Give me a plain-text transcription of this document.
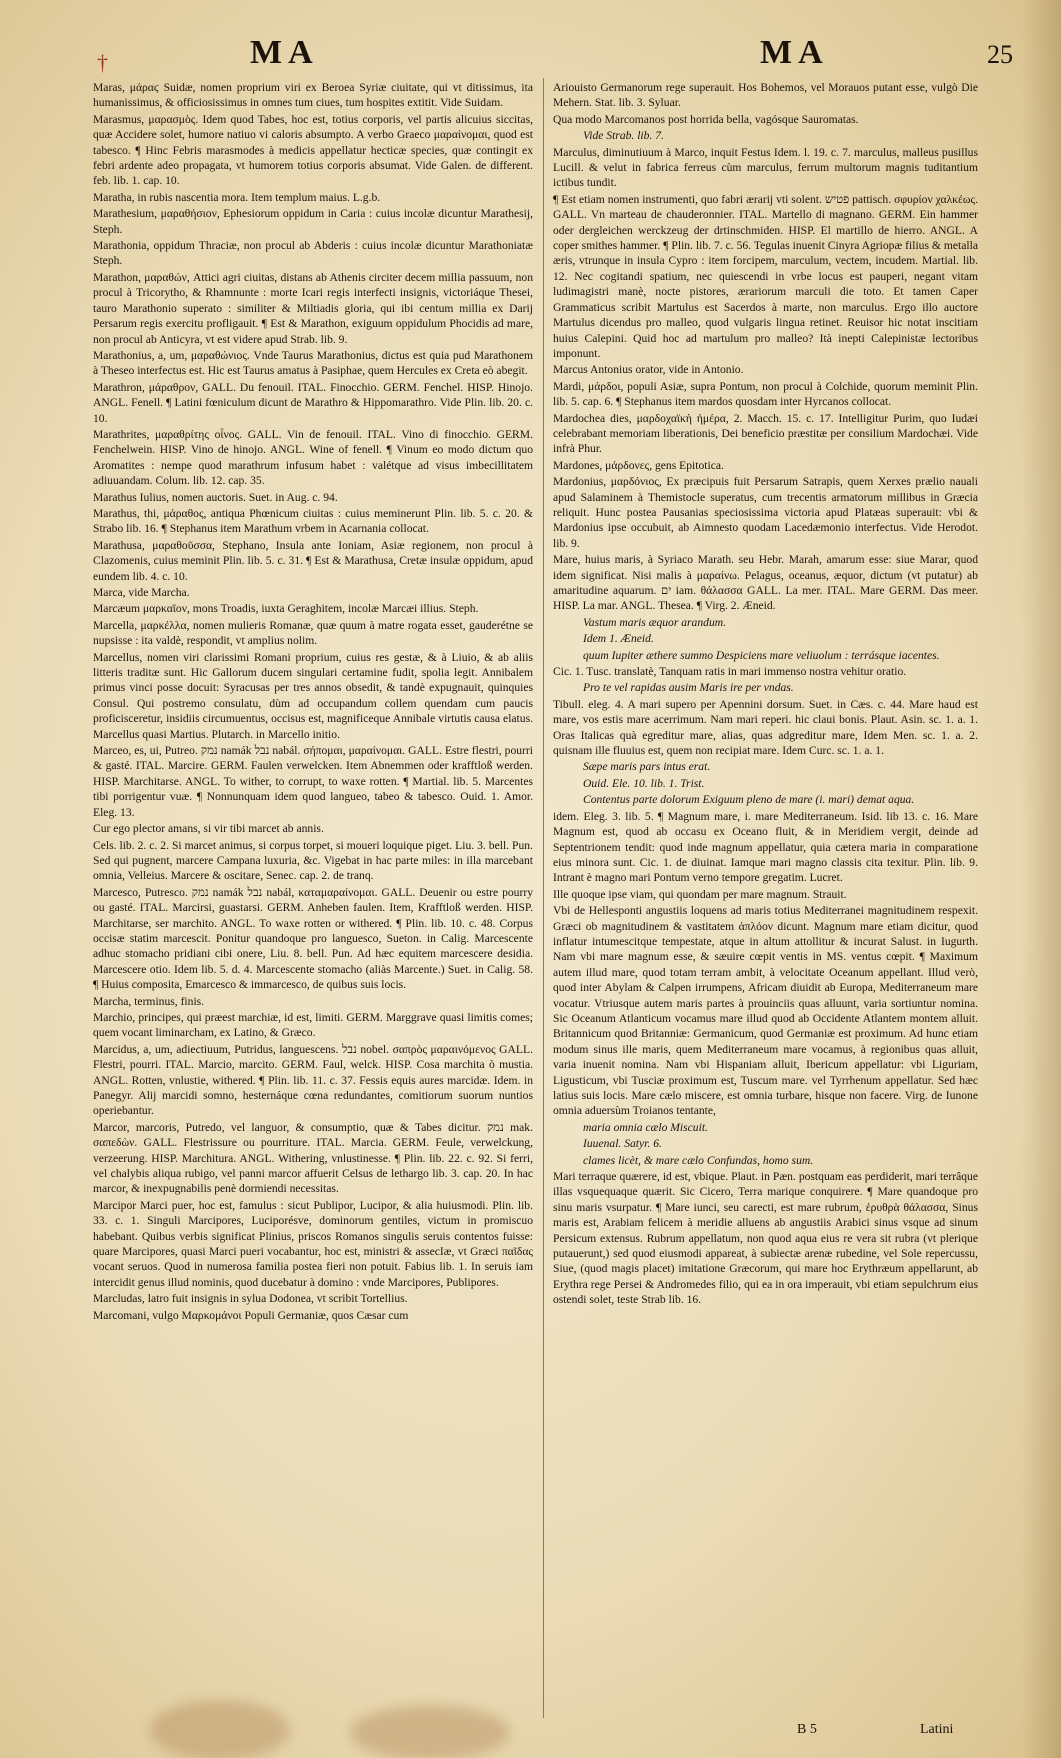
†	MA	MA	25

Maras, μάραϛ Suidæ, nomen proprium viri ex Beroea Syriæ ciuitate, qui vt ditissimus, ita humanissimus, & officiosissimus in omnes tum ciues, tum hospites extitit. Vide Suidam.

Marasmus, μαρασμὸς. Idem quod Tabes, hoc est, totius corporis, vel partis alicuius siccitas, quæ Accidere solet, humore natiuo vi caloris absumpto. A verbo Graeco μαραίνομαι, quod est tabesco. ¶ Hinc Febris marasmodes à medicis appellatur hecticæ species, quæ contingit ex febri ardente adeo propagata, vt humorem totius corporis absumat. Vide Galen. de different. feb. lib. 1. cap. 10.

Maratha, in rubis nascentia mora. Item templum maius. L.g.b.

Marathesium, μαραθήσιον, Ephesiorum oppidum in Caria : cuius incolæ dicuntur Marathesij, Steph.

Marathonia, oppidum Thraciæ, non procul ab Abderis : cuius incolæ dicuntur Marathoniatæ Steph.

Marathon, μαραθών, Attici agri ciuitas, distans ab Athenis circiter decem millia passuum, non procul à Tricorytho, & Rhamnunte : morte Icari regis interfecti insignis, victoriáque Thesei, tauro Marathonio superato : similiter & Miltiadis gloria, qui ibi centum millia ex Darij Persarum regis exercitu profligauit. ¶ Est & Marathon, exiguum oppidulum Phocidis ad mare, non procul ab Anticyra, vt est videre apud Strab. lib. 9.

Marathonius, a, um, μαραθώνιος. Vnde Taurus Marathonius, dictus est quia pud Marathonem à Theseo interfectus est. Hic est Taurus amatus à Pasiphae, quem Hercules ex Creta eò abegit.

Marathron, μάραθρον, GALL. Du fenouil. ITAL. Finocchio. GERM. Fenchel. HISP. Hinojo. ANGL. Fenell. ¶ Latini fœniculum dicunt de Marathro & Hippomarathro. Vide Plin. lib. 20. c. 10.

Marathrites, μαραθρίτης οἶνος. GALL. Vin de fenouil. ITAL. Vino di finocchio. GERM. Fenchelwein. HISP. Vino de hinojo. ANGL. Wine of fenell. ¶ Vinum eo modo dictum quo Aromatites : nempe quod marathrum infusum habet : valétque ad visus imbecillitatem adiuuandam. Colum. lib. 12. cap. 35.

Marathus Iulius, nomen auctoris. Suet. in Aug. c. 94.

Marathus, thi, μάραθος, antiqua Phœnicum ciuitas : cuius meminerunt Plin. lib. 5. c. 20. & Strabo lib. 16. ¶ Stephanus item Marathum vrbem in Acarnania collocat.

Marathusa, μαραθοῦσσα, Stephano, Insula ante Ioniam, Asiæ regionem, non procul à Clazomenis, cuius meminit Plin. lib. 5. c. 31. ¶ Est & Marathusa, Cretæ insulæ oppidum, apud eundem lib. 4. c. 10.

Marca, vide Marcha.

Marcæum μαρκαῖον, mons Troadis, iuxta Geraghitem, incolæ Marcæi illius. Steph.

Marcella, μαρκέλλα, nomen mulieris Romanæ, quæ quum à matre rogata esset, gauderétne se nupsisse : ita valdè, respondit, vt amplius nolim.

Marcellus, nomen viri clarissimi Romani proprium, cuius res gestæ, & à Liuio, & ab aliis litteris traditæ sunt. Hic Gallorum ducem singulari certamine fudit, spolia legit. Annibalem primus vinci posse docuit: Syracusas per tres annos obsedit, & tandè expugnauit, quinquies Consul. Qui postremo consulatu, dùm ad occupandum collem quendam cum paucis proficisceretur, insidiis circumuentus, occisus est, magnificeque Annibale virtutis causa elatus. Marcellus quasi Martius. Plutarch. in Marcello initio.

Marceo, es, ui, Putreo. נמק namák נבל nabál. σήπομαι, μαραίνομαι. GALL. Estre flestri, pourri & gasté. ITAL. Marcire. GERM. Faulen verwelcken. Item Abnemmen oder krafftloß werden. HISP. Marchitarse. ANGL. To wither, to corrupt, to waxe rotten. ¶ Martial. lib. 5. Marcentes tibi porrigentur vuæ. ¶ Nonnunquam idem quod langueo, tabeo & tabesco. Ouid. 1. Amor. Eleg. 13.

Cur ego plector amans, si vir tibi marcet ab annis.

Cels. lib. 2. c. 2. Si marcet animus, si corpus torpet, si moueri loquique piget. Liu. 3. bell. Pun. Sed qui pugnent, marcere Campana luxuria, &c. Vigebat in hac parte miles: in illa marcebant omnia, Velleius. Marcere & oscitare, Senec. cap. 2. de tranq.

Marcesco, Putresco. נמק namák נבל nabál, καταμαραίνομαι. GALL. Deuenir ou estre pourry ou gasté. ITAL. Marcirsi, guastarsi. GERM. Anheben faulen. Item, Krafftloß werden. HISP. Marchitarse, ser marchito. ANGL. To waxe rotten or withered. ¶ Plin. lib. 10. c. 48. Corpus occisæ statim marcescit. Ponitur quandoque pro languesco, Sueton. in Calig. Marcescente adhuc stomacho pridiani cibi onere, Liu. 8. bell. Pun. Ad hæc equitem marcescere desidia. Marcescere otio. Idem lib. 5. d. 4. Marcescente stomacho (aliàs Marcente.) Suet. in Calig. 58. ¶ Huius composita, Emarcesco & immarcesco, de quibus suis locis.

Marcha, terminus, finis.

Marchio, principes, qui præest marchiæ, id est, limiti. GERM. Marggrave quasi limitis comes; quem vocant liminarcham, ex Latino, & Græco.

Marcidus, a, um, adiectiuum, Putridus, languescens. נבל nobel. σαπρὸς μαραινόμενος GALL. Flestri, pourri. ITAL. Marcio, marcito. GERM. Faul, welck. HISP. Cosa marchita ò mustia. ANGL. Rotten, vnlustie, withered. ¶ Plin. lib. 11. c. 37. Fessis equis aures marcidæ. Idem. in Panegyr. Alij marcidi somno, hesternáque cœna redundantes, comitiorum suorum nuntios operiebantur.

Marcor, marcoris, Putredo, vel languor, & consumptio, quæ & Tabes dicitur. נמק mak. σαπεδὼν. GALL. Flestrissure ou pourriture. ITAL. Marcia. GERM. Feule, verwelckung, verzeerung. HISP. Marchitura. ANGL. Withering, vnlustinesse. ¶ Plin. lib. 22. c. 92. Si ferri, vel chalybis aliqua rubigo, vel panni marcor affuerit Celsus de lethargo lib. 3. cap. 20. In hac marcor, & inexpugnabilis penè dormiendi necessitas.

Marcipor Marci puer, hoc est, famulus : sicut Publipor, Lucipor, & alia huiusmodi. Plin. lib. 33. c. 1. Singuli Marcipores, Luciporésve, dominorum gentiles, victum in promiscuo habebant. Quibus verbis significat Plinius, priscos Romanos singulis seruis contentos fuisse: quare Marcipores, quasi Marci pueri vocabantur, hoc est, ministri & assecIæ, vt Græci παῖδας vocant seruos. Quod in numerosa familia postea fieri non potuit. Fabius lib. 1. In seruis iam intercidit genus illud nominis, quod ducebatur à domino : vnde Marcipores, Publipores.

Marcludas, latro fuit insignis in sylua Dodonea, vt scribit Tortellius.

Marcomani, vulgo Μαρκομάνοι Populi Germaniæ, quos Cæsar cum

Ariouisto Germanorum rege superauit. Hos Bohemos, vel Morauos putant esse, vulgò Die Mehern. Stat. lib. 3. Syluar.

Qua modo Marcomanos post horrida bella, vagósque Sauromatas.

Vide Strab. lib. 7.

Marculus, diminutiuum à Marco, inquit Festus Idem. l. 19. c. 7. marculus, malleus pusillus Lucill. & velut in fabrica ferreus cùm marculus, ferrum multorum magnis tuditantium ictibus tundit.

¶ Est etiam nomen instrumenti, quo fabri ærarij vti solent. פטיש pattisch. σφυρίον χαλκέως. GALL. Vn marteau de chauderonnier. ITAL. Martello di magnano. GERM. Ein hammer oder dergleichen werckzeug der drtinschmiden. HISP. El martillo de hierro. ANGL. A coper smithes hammer. ¶ Plin. lib. 7. c. 56. Tegulas inuenit Cinyra Agriopæ filius & metalla æris, vtrunque in insula Cypro : item forcipem, marculum, vectem, incudem. Martial. lib. 12. Nec cogitandi spatium, nec quiescendi in vrbe locus est pauperi, negant vitam ludimagistri manè, nocte pistores, ærariorum marculi die toto. Et tamen Caper Grammaticus scribit Martulus est Sacerdos à marte, non marculus. Ergo illo auctore Martulus dicendus pro malleo, quod vulgaris lingua retinet. Reuisor hic notat inscitiam huius Calepini. Quid hoc ad martulum pro malleo? Ità inepti Calepinistæ lectoribus imponunt.

Marcus Antonius orator, vide in Antonio.

Mardi, μάρδοι, populi Asiæ, supra Pontum, non procul à Colchide, quorum meminit Plin. lib. 5. cap. 6. ¶ Stephanus item mardos quosdam inter Hyrcanos collocat.

Mardochea dies, μαρδοχαϊκὴ ἡμέρα, 2. Macch. 15. c. 17. Intelligitur Purim, quo Iudæi celebrabant memoriam liberationis, Dei beneficio præstitæ per consilium Mardochæi. Vide infrà Phur.

Mardones, μάρδονες, gens Epitotica.

Mardonius, μαρδόνιος, Ex præcipuis fuit Persarum Satrapis, quem Xerxes prælio nauali apud Salaminem à Themistocle superatus, cum trecentis armatorum millibus in Græcia reliquit. Hunc postea Pausanias speciosissima victoria apud Platæas superauit: vbi & Mardonius ipse occubuit, ab Aimnesto quodam Lacedæmonio interfectus. Vide Herodot. lib. 9.

Mare, huius maris, à Syriaco Marath. seu Hebr. Marah, amarum esse: siue Marar, quod idem significat. Nisi malis à μαραίνω. Pelagus, oceanus, æquor, dictum (vt putatur) ab amaritudine aquarum. ים iam. θάλασσα GALL. La mer. ITAL. Mare GERM. Das meer. HISP. La mar. ANGL. Thesea. ¶ Virg. 2. Æneid.

Vastum maris æquor arandum.

Idem 1. Æneid.

quum Iupiter æthere summo Despiciens mare veliuolum : terrásque iacentes.

Cic. 1. Tusc. translatè, Tanquam ratis in mari immenso nostra vehitur oratio.

Pro te vel rapidas ausim Maris ire per vndas.

Tibull. eleg. 4. A mari supero per Apennini dorsum. Suet. in Cæs. c. 44. Mare haud est mare, vos estis mare acerrimum. Nam mari reperi. hic claui bonis. Plaut. Asin. sc. 1. a. 1. Oras Italicas quà egreditur mare, alias, quas adgreditur mare, Idem Men. sc. 1. a. 2. quisnam ille fluuius est, quem non recipiat mare. Idem Curc. sc. 1. a. 1.

Sæpe maris pars intus erat.

Ouid. Ele. 10. lib. 1. Trist.

Contentus parte dolorum Exiguum pleno de mare (i. mari) demat aqua.

idem. Eleg. 3. lib. 5. ¶ Magnum mare, i. mare Mediterraneum. Isid. lib 13. c. 16. Mare Magnum est, quod ab occasu ex Oceano fluit, & in Meridiem vergit, deinde ad Septentrionem tendit: quod inde magnum appellatur, quia cætera maria in comparatione eius minora sunt. Cic. 1. de diuinat. Iamque mari magno classis cita texitur. Plin. lib. 9. Intrant è magno mari Pontum verno tempore gregatim. Lucret.

Ille quoque ipse viam, qui quondam per mare magnum. Strauit.

Vbi de Hellesponti angustiis loquens ad maris totius Mediterranei magnitudinem respexit. Græci ob magnitudinem & vastitatem ἀπλόον dicunt. Magnum mare etiam dicitur, quod inflatur intumescitque tempestate, atque in altum attollitur & incurat Salust. in Iugurth. Nam vbi mare magnum esse, & sæuire cœpit ventis in MS. ventus cœpit. ¶ Maximum autem illud mare, quod totam terram ambit, à velocitate Oceanum appellant. Illud verò, quod inter Abylam & Calpen irrumpens, Africam diuidit ab Europa, Mediterraneum mare vocatur. Vtriusque autem maris partes à prouinciis quas alluunt, varia sortiuntur nomina. Sic Oceanum Atlanticum vocamus mare illud quod ab Occidente Atlantem montem alluit. Britannicum quod Britanniæ: Germanicum, quod Germaniæ est proximum. Ad hunc etiam modum sinus ille maris, quem Mediterraneum mare vocamus, à regionibus quas alluit, varia inuenit nomina. Nam vbi Hispaniam alluit, Ibericum appellatur: vbi Liguriam, Ligusticum, vbi Tusciæ proximum est, Tuscum mare. vel Tyrrhenum appellatur. Sed hæc latius suis locis. Mare cælo miscere, est omnia turbare, hisque non facere. Virg. de Iunone omnia aduersùm Troianos tentante,

maria omnia cælo Miscuit.

Iuuenal. Satyr. 6.

clames licèt, & mare cælo Confundas, homo sum.

Mari terraque quærere, id est, vbique. Plaut. in Pæn. postquam eas perdiderit, mari terrâque illas vsquequaque quærit. Sic Cicero, Terra marique conquirere. ¶ Mare quandoque pro sinu maris vsurpatur. ¶ Mare iunci, seu carecti, est mare rubrum, ἐρυθρὰ θάλασσα, Sinus maris est, Arabiam felicem à meridie alluens ab angustiis Arabici sinus vsque ad sinum Persicum extensus. Rubrum appellatum, non quod aqua eius re vera sit rubra (vt plerique putauerunt,) sed quod eiusmodi appareat, à subiectæ arenæ rubedine, vel Sole repercussu, Siue, (quod magis placet) imitatione Græcorum, qui mare hoc Erythræum appellarunt, ab Erythra rege Persei & Andromedes filio, qui ea in ora imperauit, vbi etiam sepulchrum eius ostendi solet, teste Strab lib. 16.

B 5	Latini
